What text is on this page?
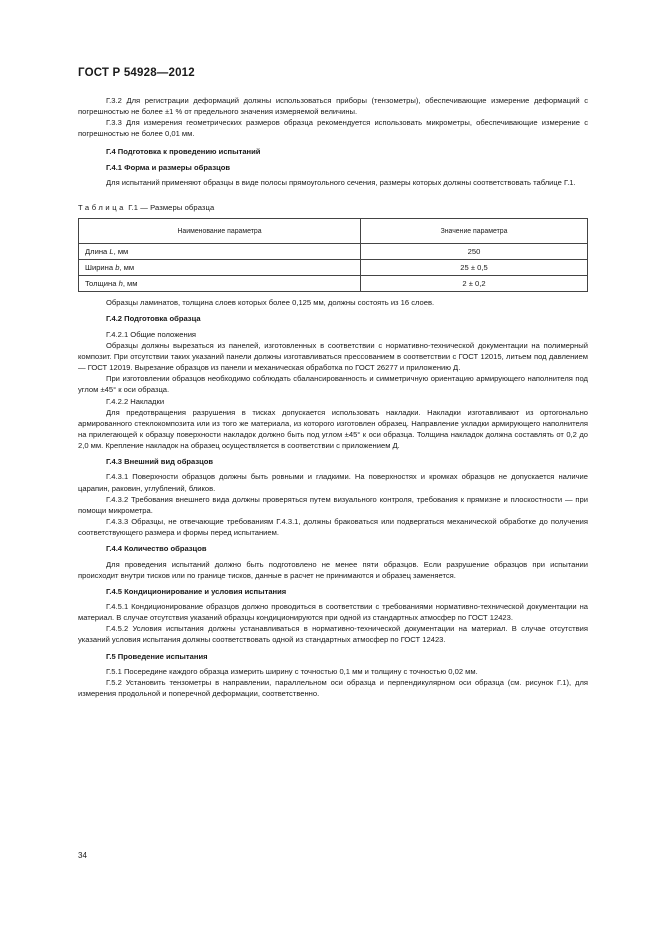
ГОСТ Р 54928—2012

Г.3.2 Для регистрации деформаций должны использоваться приборы (тензометры), обеспечивающие измерение деформаций с погрешностью не более ±1 % от предельного значения измеряемой величины.

Г.3.3 Для измерения геометрических размеров образца рекомендуется использовать микрометры, обеспечивающие измерение с погрешностью не более 0,01 мм.

Г.4 Подготовка к проведению испытаний
Г.4.1 Форма и размеры образцов

Для испытаний применяют образцы в виде полосы прямоугольного сечения, размеры которых должны соответствовать таблице Г.1.

Таблица Г.1 — Размеры образца
Наименование параметра	Значение параметра
Длина L, мм	250
Ширина b, мм	25 ± 0,5
Толщина h, мм	2 ± 0,2

Образцы ламинатов, толщина слоев которых более 0,125 мм, должны состоять из 16 слоев.

Г.4.2 Подготовка образца
Г.4.2.1 Общие положения

Образцы должны вырезаться из панелей, изготовленных в соответствии с нормативно-технической документации на полимерный композит. При отсутствии таких указаний панели должны изготавливаться прессованием в соответствии с ГОСТ 12015, литьем под давлением — ГОСТ 12019. Вырезание образцов из панели и механическая обработка по ГОСТ 26277 и приложению Д.

При изготовлении образцов необходимо соблюдать сбалансированность и симметричную ориентацию армирующего наполнителя под углом ±45° к оси образца.

Г.4.2.2 Накладки

Для предотвращения разрушения в тисках допускается использовать накладки. Накладки изготавливают из ортогонально армированного стеклокомпозита или из того же материала, из которого изготовлен образец. Направление укладки армирующего наполнителя на прилегающей к образцу поверхности накладок должно быть под углом ±45° к оси образца. Толщина накладок должна составлять от 0,2 до 2,0 мм. Крепление накладок на образец осуществляется в соответствии с приложением Д.

Г.4.3 Внешний вид образцов

Г.4.3.1 Поверхности образцов должны быть ровными и гладкими. На поверхностях и кромках образцов не допускается наличие царапин, раковин, углублений, бликов.

Г.4.3.2 Требования внешнего вида должны проверяться путем визуального контроля, требования к прямизне и плоскостности — при помощи микрометра.

Г.4.3.3 Образцы, не отвечающие требованиям Г.4.3.1, должны браковаться или подвергаться механической обработке до получения соответствующего размера и формы перед испытанием.

Г.4.4 Количество образцов

Для проведения испытаний должно быть подготовлено не менее пяти образцов. Если разрушение образцов при испытании происходит внутри тисков или по границе тисков, данные в расчет не принимаются и образец заменяется.

Г.4.5 Кондиционирование и условия испытания

Г.4.5.1 Кондиционирование образцов должно проводиться в соответствии с требованиями нормативно-технической документации на материал. В случае отсутствия указаний образцы кондиционируются при одной из стандартных атмосфер по ГОСТ 12423.

Г.4.5.2 Условия испытания должны устанавливаться в нормативно-технической документации на материал. В случае отсутствия указаний условия испытания должны соответствовать одной из стандартных атмосфер по ГОСТ 12423.

Г.5 Проведение испытания

Г.5.1 Посередине каждого образца измерить ширину с точностью 0,1 мм и толщину с точностью 0,02 мм.

Г.5.2 Установить тензометры в направлении, параллельном оси образца и перпендикулярном оси образца (см. рисунок Г.1), для измерения продольной и поперечной деформации, соответственно.

34
